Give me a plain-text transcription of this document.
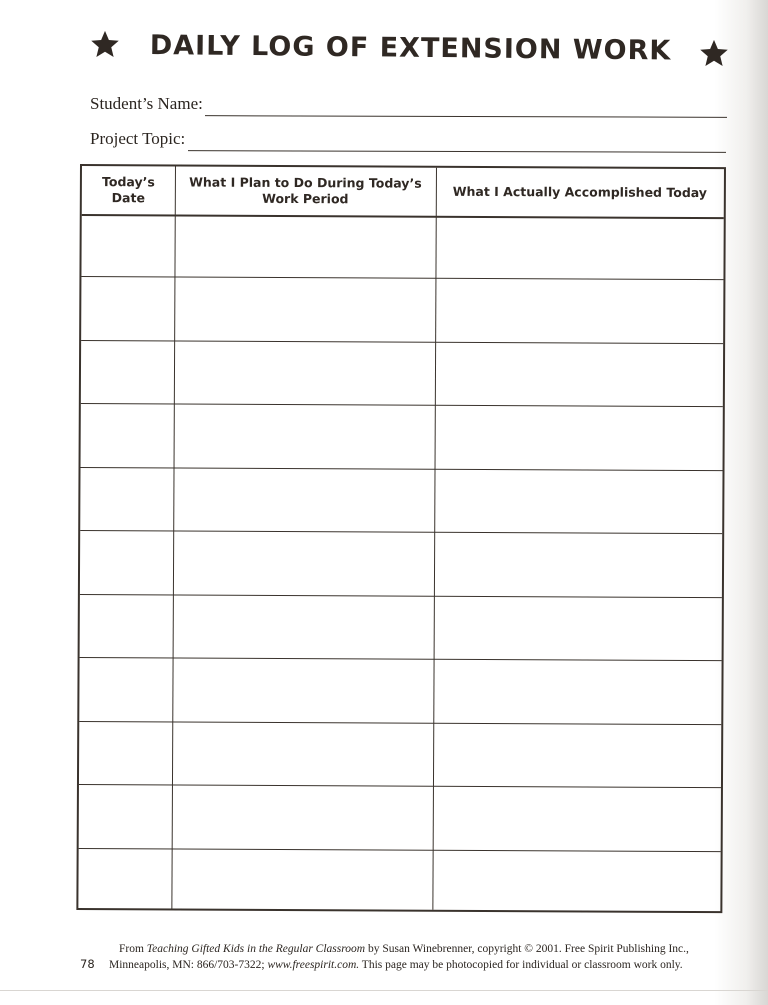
DAILY LOG OF EXTENSION WORK
Student’s Name:
Project Topic:
Today’s Date
What I Plan to Do During Today’s Work Period	What I Actually Accomplished Today
78
From Teaching Gifted Kids in the Regular Classroom by Susan Winebrenner, copyright © 2001. Free Spirit Publishing Inc.,
Minneapolis, MN: 866/703-7322; www.freespirit.com. This page may be photocopied for individual or classroom work only.
